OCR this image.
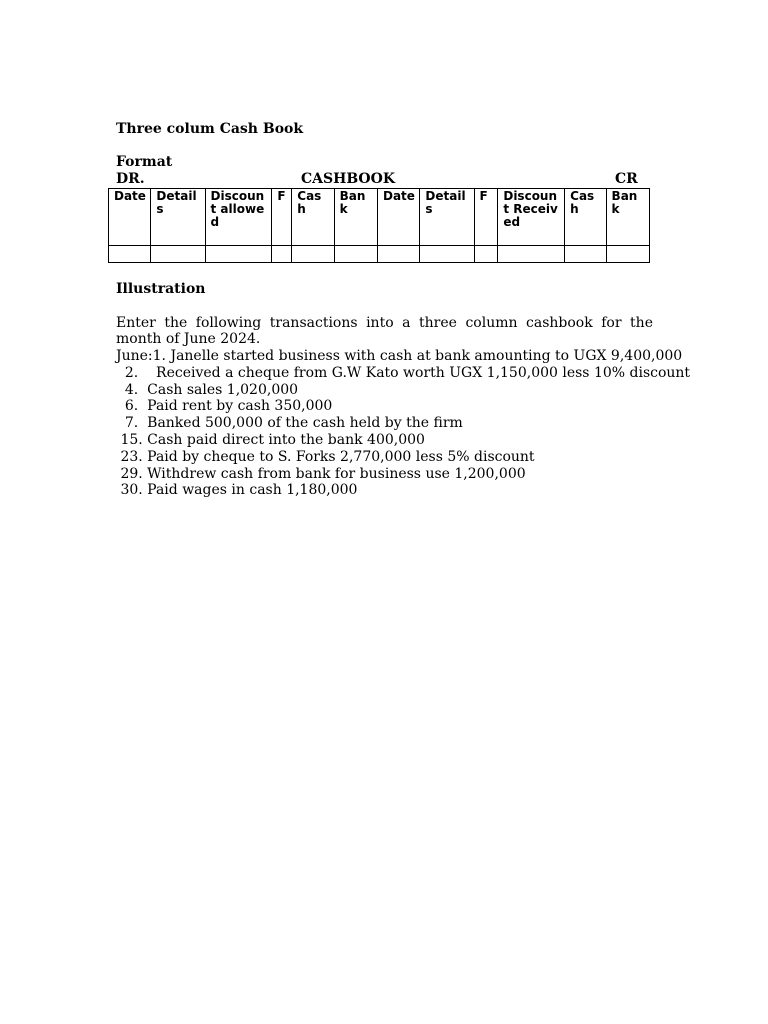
Three colum Cash Book
Format
DR.	CASHBOOK	CR
Date	Details	Discount allowed	F	Cash	Bank	Date	Details	F	Discount Received	Cash	Bank

Illustration
Enter the following transactions into a three column cashbook for the month of June 2024.
June:1. Janelle started business with cash at bank amounting to UGX 9,400,000
2.    Received a cheque from G.W Kato worth UGX 1,150,000 less 10% discount
4.  Cash sales 1,020,000
6.  Paid rent by cash 350,000
7.  Banked 500,000 of the cash held by the firm
15. Cash paid direct into the bank 400,000
23. Paid by cheque to S. Forks 2,770,000 less 5% discount
29. Withdrew cash from bank for business use 1,200,000
30. Paid wages in cash 1,180,000
